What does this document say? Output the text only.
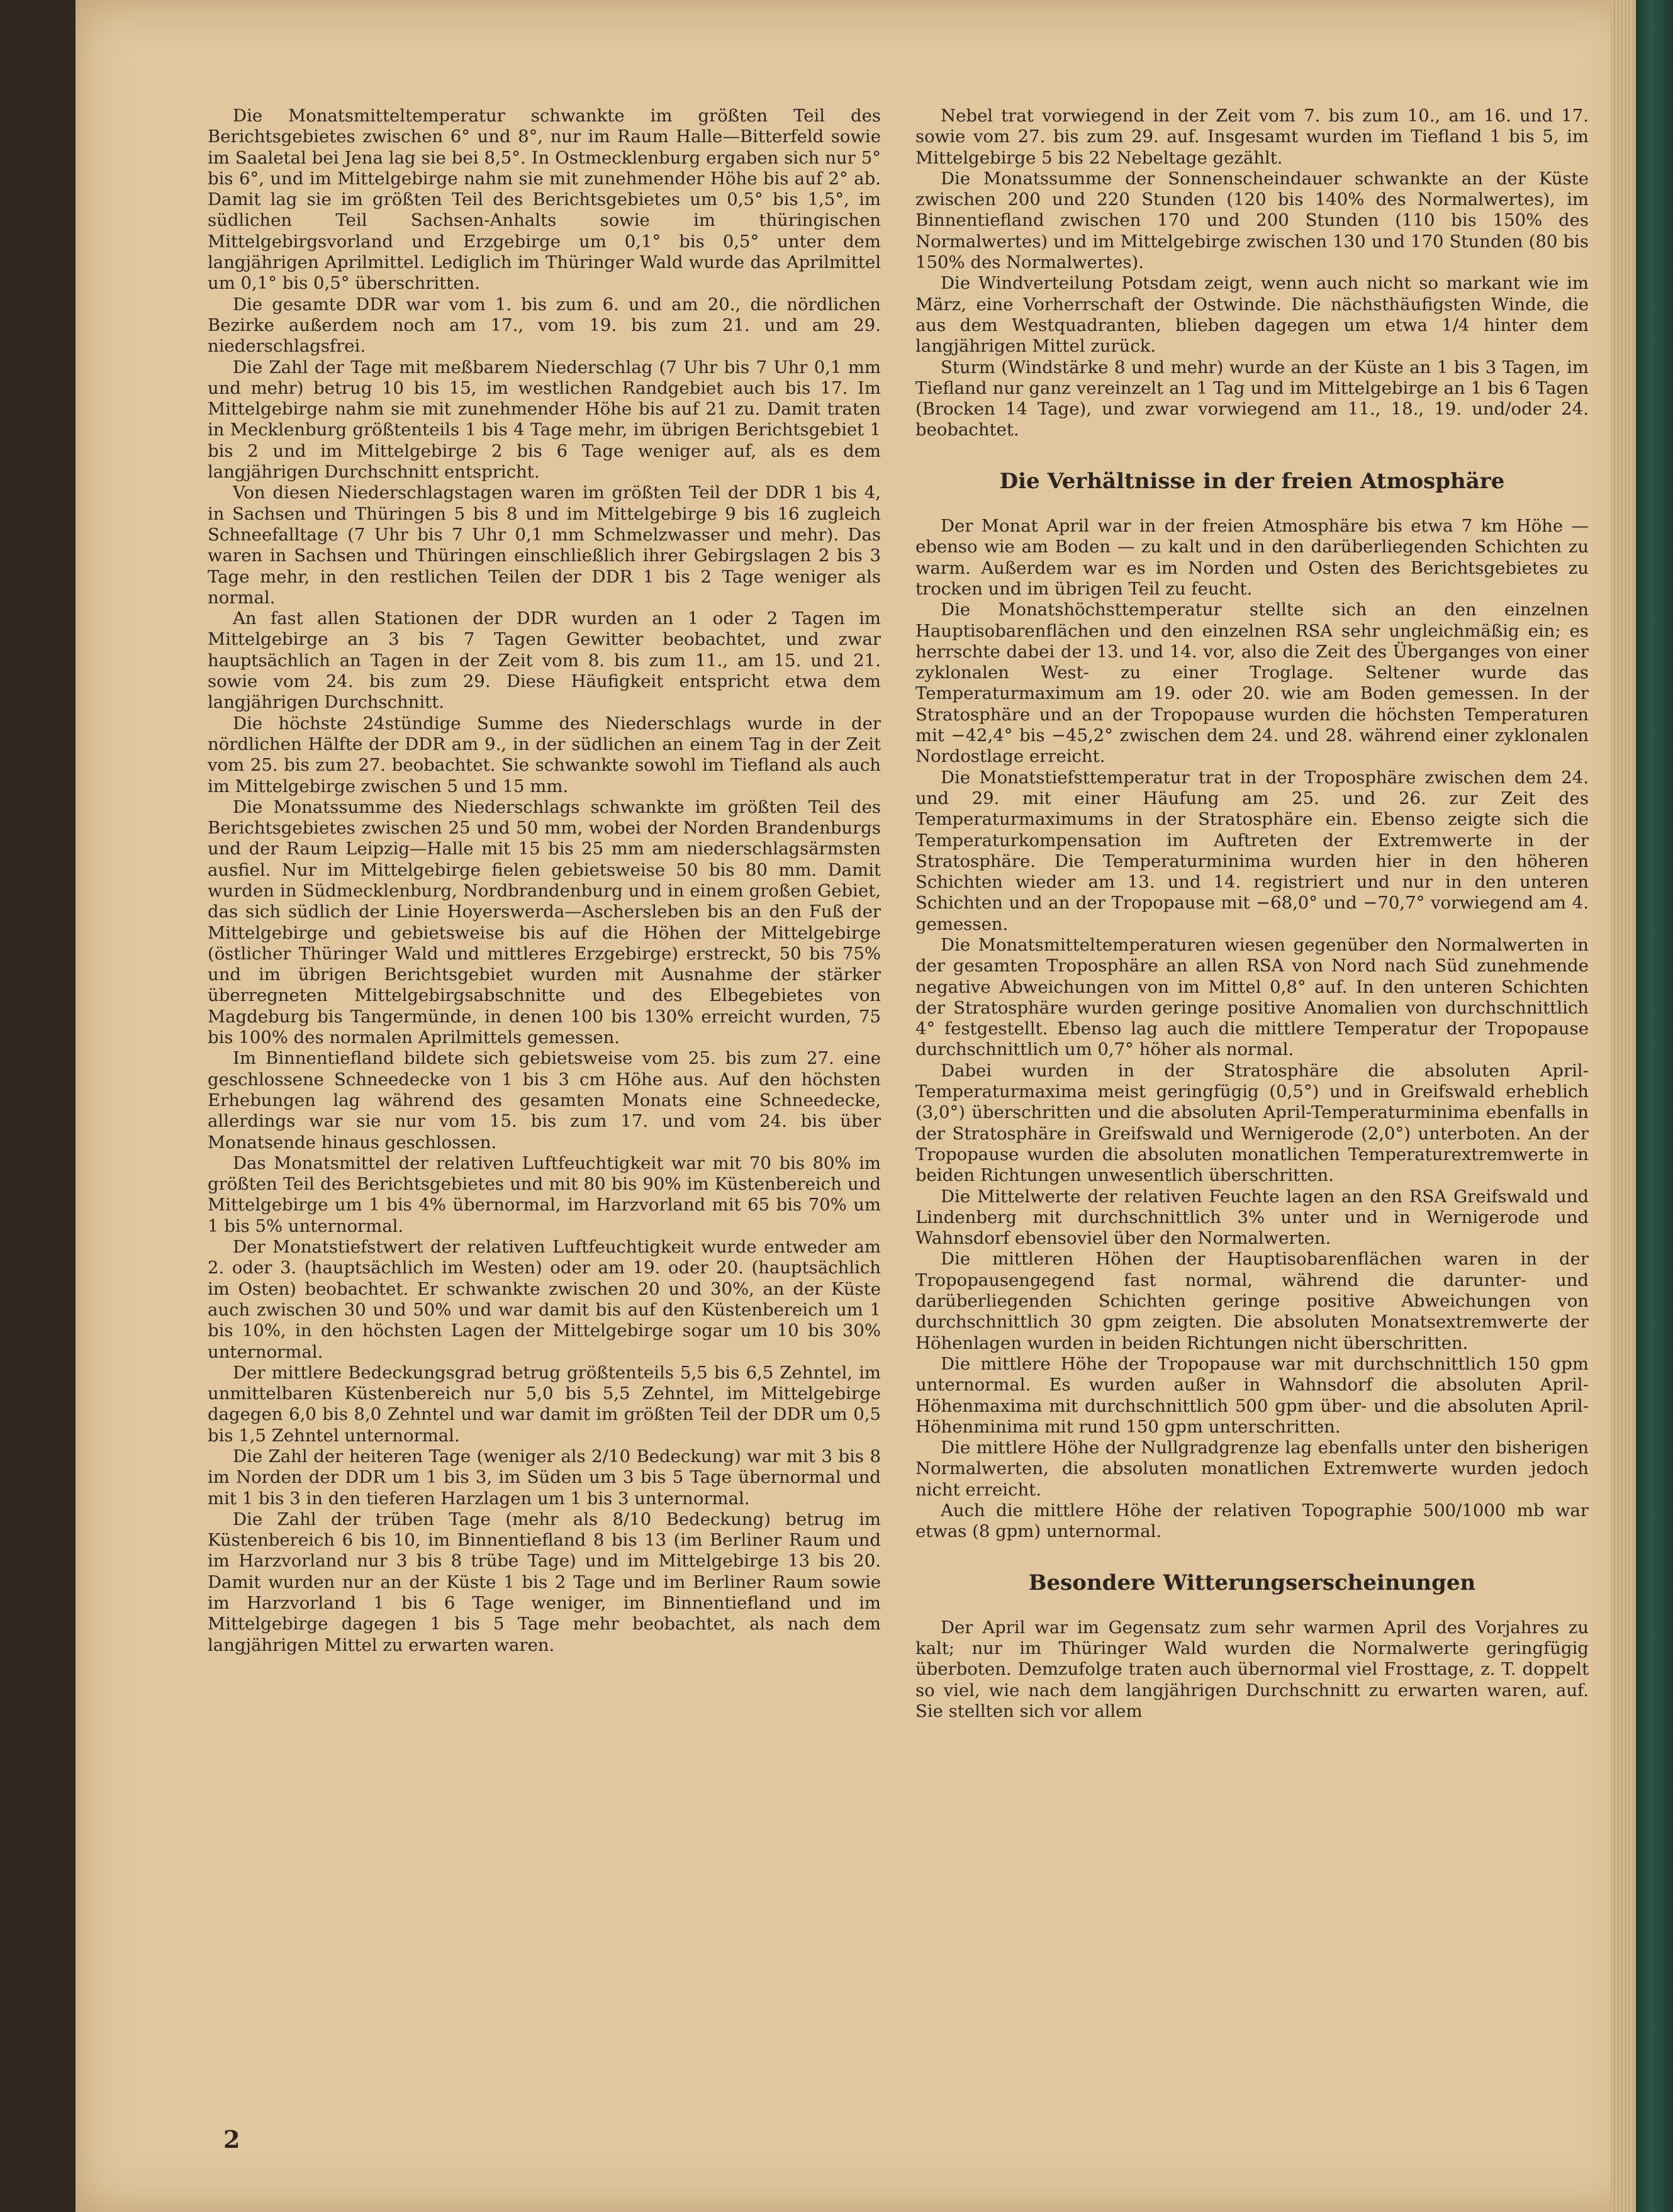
Die Monatsmitteltemperatur schwankte im größten Teil des Berichtsgebietes zwischen 6° und 8°, nur im Raum Halle—Bitterfeld sowie im Saaletal bei Jena lag sie bei 8,5°. In Ostmecklenburg ergaben sich nur 5° bis 6°, und im Mittelgebirge nahm sie mit zunehmender Höhe bis auf 2° ab. Damit lag sie im größten Teil des Berichtsgebietes um 0,5° bis 1,5°, im südlichen Teil Sachsen-Anhalts sowie im thüringischen Mittelgebirgsvorland und Erzgebirge um 0,1° bis 0,5° unter dem langjährigen Aprilmittel. Lediglich im Thüringer Wald wurde das Aprilmittel um 0,1° bis 0,5° überschritten.

Die gesamte DDR war vom 1. bis zum 6. und am 20., die nördlichen Bezirke außerdem noch am 17., vom 19. bis zum 21. und am 29. niederschlagsfrei.

Die Zahl der Tage mit meßbarem Niederschlag (7 Uhr bis 7 Uhr 0,1 mm und mehr) betrug 10 bis 15, im westlichen Randgebiet auch bis 17. Im Mittelgebirge nahm sie mit zunehmender Höhe bis auf 21 zu. Damit traten in Mecklenburg größtenteils 1 bis 4 Tage mehr, im übrigen Berichtsgebiet 1 bis 2 und im Mittelgebirge 2 bis 6 Tage weniger auf, als es dem langjährigen Durchschnitt entspricht.

Von diesen Niederschlagstagen waren im größten Teil der DDR 1 bis 4, in Sachsen und Thüringen 5 bis 8 und im Mittelgebirge 9 bis 16 zugleich Schneefalltage (7 Uhr bis 7 Uhr 0,1 mm Schmelzwasser und mehr). Das waren in Sachsen und Thüringen einschließlich ihrer Gebirgslagen 2 bis 3 Tage mehr, in den restlichen Teilen der DDR 1 bis 2 Tage weniger als normal.

An fast allen Stationen der DDR wurden an 1 oder 2 Tagen im Mittelgebirge an 3 bis 7 Tagen Gewitter beobachtet, und zwar hauptsächlich an Tagen in der Zeit vom 8. bis zum 11., am 15. und 21. sowie vom 24. bis zum 29. Diese Häufigkeit entspricht etwa dem langjährigen Durchschnitt.

Die höchste 24stündige Summe des Niederschlags wurde in der nördlichen Hälfte der DDR am 9., in der südlichen an einem Tag in der Zeit vom 25. bis zum 27. beobachtet. Sie schwankte sowohl im Tiefland als auch im Mittelgebirge zwischen 5 und 15 mm.

Die Monatssumme des Niederschlags schwankte im größten Teil des Berichtsgebietes zwischen 25 und 50 mm, wobei der Norden Brandenburgs und der Raum Leipzig—Halle mit 15 bis 25 mm am niederschlagsärmsten ausfiel. Nur im Mittelgebirge fielen gebietsweise 50 bis 80 mm. Damit wurden in Südmecklenburg, Nordbrandenburg und in einem großen Gebiet, das sich südlich der Linie Hoyerswerda—Aschersleben bis an den Fuß der Mittelgebirge und gebietsweise bis auf die Höhen der Mittelgebirge (östlicher Thüringer Wald und mittleres Erzgebirge) erstreckt, 50 bis 75% und im übrigen Berichtsgebiet wurden mit Ausnahme der stärker überregneten Mittelgebirgsabschnitte und des Elbegebietes von Magdeburg bis Tangermünde, in denen 100 bis 130% erreicht wurden, 75 bis 100% des normalen Aprilmittels gemessen.

Im Binnentiefland bildete sich gebietsweise vom 25. bis zum 27. eine geschlossene Schneedecke von 1 bis 3 cm Höhe aus. Auf den höchsten Erhebungen lag während des gesamten Monats eine Schneedecke, allerdings war sie nur vom 15. bis zum 17. und vom 24. bis über Monatsende hinaus geschlossen.

Das Monatsmittel der relativen Luftfeuchtigkeit war mit 70 bis 80% im größten Teil des Berichtsgebietes und mit 80 bis 90% im Küstenbereich und Mittelgebirge um 1 bis 4% übernormal, im Harzvorland mit 65 bis 70% um 1 bis 5% unternormal.

Der Monatstiefstwert der relativen Luftfeuchtigkeit wurde entweder am 2. oder 3. (hauptsächlich im Westen) oder am 19. oder 20. (hauptsächlich im Osten) beobachtet. Er schwankte zwischen 20 und 30%, an der Küste auch zwischen 30 und 50% und war damit bis auf den Küstenbereich um 1 bis 10%, in den höchsten Lagen der Mittelgebirge sogar um 10 bis 30% unternormal.

Der mittlere Bedeckungsgrad betrug größtenteils 5,5 bis 6,5 Zehntel, im unmittelbaren Küstenbereich nur 5,0 bis 5,5 Zehntel, im Mittelgebirge dagegen 6,0 bis 8,0 Zehntel und war damit im größten Teil der DDR um 0,5 bis 1,5 Zehntel unternormal.

Die Zahl der heiteren Tage (weniger als 2/10 Bedeckung) war mit 3 bis 8 im Norden der DDR um 1 bis 3, im Süden um 3 bis 5 Tage übernormal und mit 1 bis 3 in den tieferen Harzlagen um 1 bis 3 unternormal.

Die Zahl der trüben Tage (mehr als 8/10 Bedeckung) betrug im Küstenbereich 6 bis 10, im Binnentiefland 8 bis 13 (im Berliner Raum und im Harzvorland nur 3 bis 8 trübe Tage) und im Mittelgebirge 13 bis 20. Damit wurden nur an der Küste 1 bis 2 Tage und im Berliner Raum sowie im Harzvorland 1 bis 6 Tage weniger, im Binnentiefland und im Mittelgebirge dagegen 1 bis 5 Tage mehr beobachtet, als nach dem langjährigen Mittel zu erwarten waren.

Nebel trat vorwiegend in der Zeit vom 7. bis zum 10., am 16. und 17. sowie vom 27. bis zum 29. auf. Insgesamt wurden im Tiefland 1 bis 5, im Mittelgebirge 5 bis 22 Nebeltage gezählt.

Die Monatssumme der Sonnenscheindauer schwankte an der Küste zwischen 200 und 220 Stunden (120 bis 140% des Normalwertes), im Binnentiefland zwischen 170 und 200 Stunden (110 bis 150% des Normalwertes) und im Mittelgebirge zwischen 130 und 170 Stunden (80 bis 150% des Normalwertes).

Die Windverteilung Potsdam zeigt, wenn auch nicht so markant wie im März, eine Vorherrschaft der Ostwinde. Die nächsthäufigsten Winde, die aus dem Westquadranten, blieben dagegen um etwa 1/4 hinter dem langjährigen Mittel zurück.

Sturm (Windstärke 8 und mehr) wurde an der Küste an 1 bis 3 Tagen, im Tiefland nur ganz vereinzelt an 1 Tag und im Mittelgebirge an 1 bis 6 Tagen (Brocken 14 Tage), und zwar vorwiegend am 11., 18., 19. und/oder 24. beobachtet.

Die Verhältnisse in der freien Atmosphäre

Der Monat April war in der freien Atmosphäre bis etwa 7 km Höhe — ebenso wie am Boden — zu kalt und in den darüberliegenden Schichten zu warm. Außerdem war es im Norden und Osten des Berichtsgebietes zu trocken und im übrigen Teil zu feucht.

Die Monatshöchsttemperatur stellte sich an den einzelnen Hauptisobarenflächen und den einzelnen RSA sehr ungleichmäßig ein; es herrschte dabei der 13. und 14. vor, also die Zeit des Überganges von einer zyklonalen West- zu einer Troglage. Seltener wurde das Temperaturmaximum am 19. oder 20. wie am Boden gemessen. In der Stratosphäre und an der Tropopause wurden die höchsten Temperaturen mit −42,4° bis −45,2° zwischen dem 24. und 28. während einer zyklonalen Nordostlage erreicht.

Die Monatstiefsttemperatur trat in der Troposphäre zwischen dem 24. und 29. mit einer Häufung am 25. und 26. zur Zeit des Temperaturmaximums in der Stratosphäre ein. Ebenso zeigte sich die Temperaturkompensation im Auftreten der Extremwerte in der Stratosphäre. Die Temperaturminima wurden hier in den höheren Schichten wieder am 13. und 14. registriert und nur in den unteren Schichten und an der Tropopause mit −68,0° und −70,7° vorwiegend am 4. gemessen.

Die Monatsmitteltemperaturen wiesen gegenüber den Normalwerten in der gesamten Troposphäre an allen RSA von Nord nach Süd zunehmende negative Abweichungen von im Mittel 0,8° auf. In den unteren Schichten der Stratosphäre wurden geringe positive Anomalien von durchschnittlich 4° festgestellt. Ebenso lag auch die mittlere Temperatur der Tropopause durchschnittlich um 0,7° höher als normal.

Dabei wurden in der Stratosphäre die absoluten April-Temperaturmaxima meist geringfügig (0,5°) und in Greifswald erheblich (3,0°) überschritten und die absoluten April-Temperaturminima ebenfalls in der Stratosphäre in Greifswald und Wernigerode (2,0°) unterboten. An der Tropopause wurden die absoluten monatlichen Temperaturextremwerte in beiden Richtungen unwesentlich überschritten.

Die Mittelwerte der relativen Feuchte lagen an den RSA Greifswald und Lindenberg mit durchschnittlich 3% unter und in Wernigerode und Wahnsdorf ebensoviel über den Normalwerten.

Die mittleren Höhen der Hauptisobarenflächen waren in der Tropopausengegend fast normal, während die darunter- und darüberliegenden Schichten geringe positive Abweichungen von durchschnittlich 30 gpm zeigten. Die absoluten Monatsextremwerte der Höhenlagen wurden in beiden Richtungen nicht überschritten.

Die mittlere Höhe der Tropopause war mit durchschnittlich 150 gpm unternormal. Es wurden außer in Wahnsdorf die absoluten April-Höhenmaxima mit durchschnittlich 500 gpm über- und die absoluten April-Höhenminima mit rund 150 gpm unterschritten.

Die mittlere Höhe der Nullgradgrenze lag ebenfalls unter den bisherigen Normalwerten, die absoluten monatlichen Extremwerte wurden jedoch nicht erreicht.

Auch die mittlere Höhe der relativen Topographie 500/1000 mb war etwas (8 gpm) unternormal.

Besondere Witterungserscheinungen

Der April war im Gegensatz zum sehr warmen April des Vorjahres zu kalt; nur im Thüringer Wald wurden die Normalwerte geringfügig überboten. Demzufolge traten auch übernormal viel Frosttage, z. T. doppelt so viel, wie nach dem langjährigen Durchschnitt zu erwarten waren, auf. Sie stellten sich vor allem

2
